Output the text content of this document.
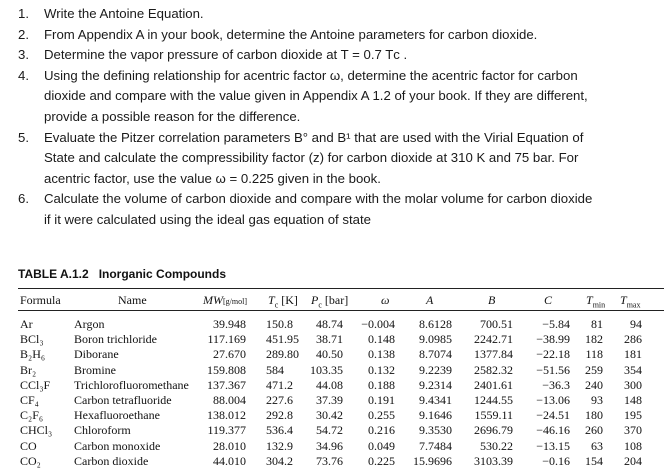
1. Write the Antoine Equation.
2. From Appendix A in your book, determine the Antoine parameters for carbon dioxide.
3. Determine the vapor pressure of carbon dioxide at T = 0.7 Tᴄ .
4. Using the defining relationship for acentric factor ω, determine the acentric factor for carbon
dioxide and compare with the value given in Appendix A 1.2 of your book. If they are different,
provide a possible reason for the difference.
5. Evaluate the Pitzer correlation parameters B° and B¹ that are used with the Virial Equation of
State and calculate the compressibility factor (z) for carbon dioxide at 310 K and 75 bar. For
acentric factor, use the value ω = 0.225 given in the book.
6. Calculate the volume of carbon dioxide and compare with the molar volume for carbon dioxide
if it were calculated using the ideal gas equation of state
TABLE A.1.2 Inorganic Compounds
Formula	Name	MW[g/mol] $T_c$ [K] $P_c$ [bar]	ω	A	B	C	$T_{min}$ $T_{max}$
Ar	Argon	39.948 150.8 48.74 −0.004 8.6128 700.51 −5.84 81 94
BCl₃	Boron trichloride	117.169 451.95 38.71 0.148 9.0985 2242.71 −38.99 182 286
B₂H₆ Diborane	27.670 289.80 40.50 0.138 8.7074 1377.84 −22.18 118 181
Br₂	Bromine	159.808 584 103.35 0.132 9.2239 2582.32 −51.56 259 354
CCl₃F Trichlorofluoromethane 137.367 471.2 44.08 0.188 9.2314 2401.61 −36.3 240 300
CF₄	Carbon tetrafluoride	88.004 227.6 37.39 0.191 9.4341 1244.55 −13.06 93 148
C₂F₆	Hexafluoroethane	138.012 292.8 30.42 0.255 9.1646 1559.11 −24.51 180 195
CHCl₃ Chloroform	119.377 536.4 54.72 0.216 9.3530 2696.79 −46.16 260 370
CO	Carbon monoxide	28.010 132.9 34.96 0.049 7.7484 530.22 −13.15 63 108
CO₂	Carbon dioxide	44.010 304.2 73.76 0.225 15.9696 3103.39 −0.16 154 204
